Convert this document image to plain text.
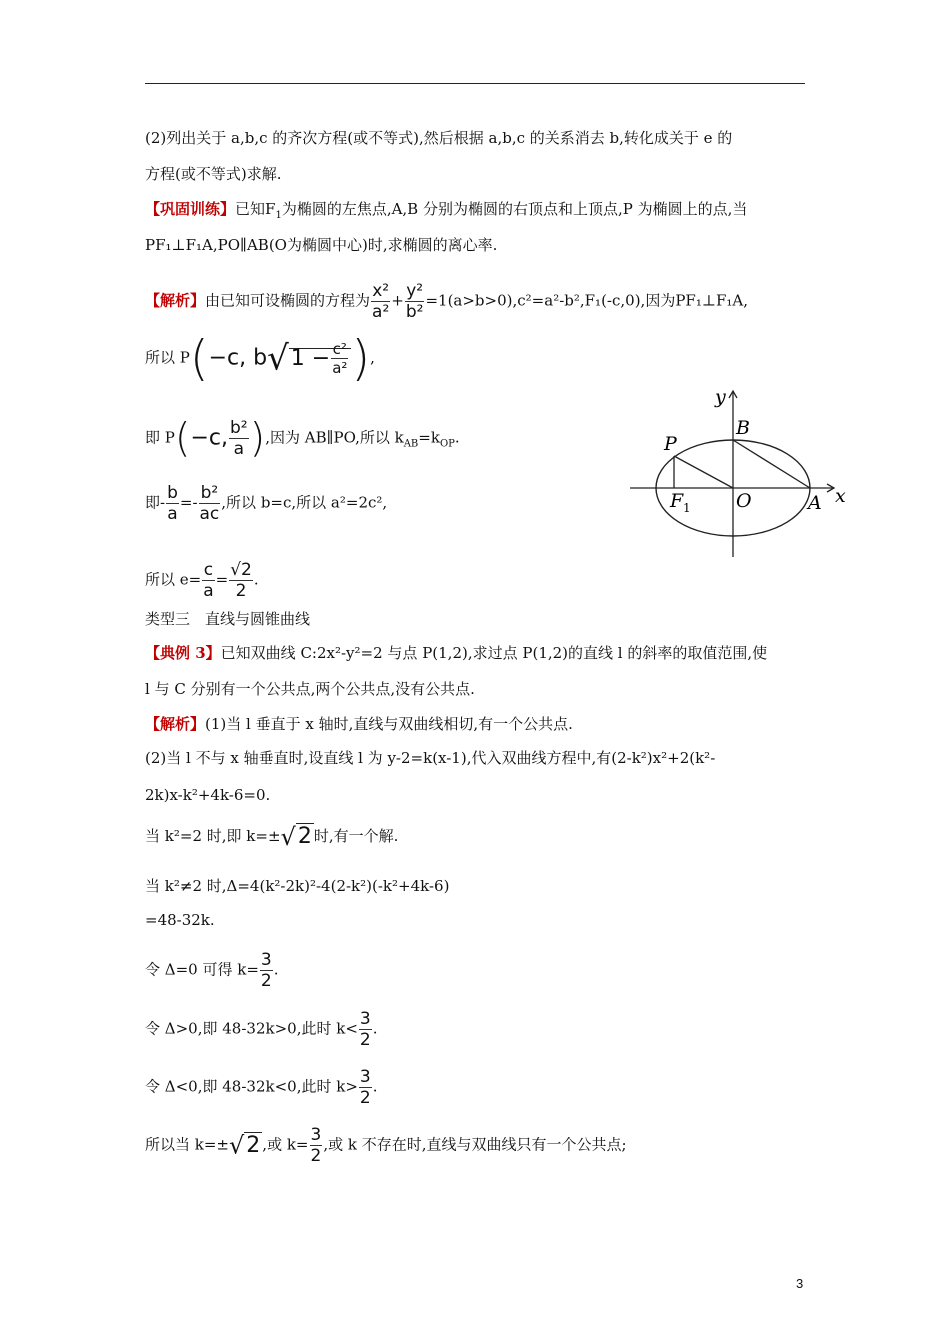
(2)列出关于 a,b,c 的齐次方程(或不等式),然后根据 a,b,c 的关系消去 b,转化成关于 e 的
方程(或不等式)求解.
【巩固训练】已知$F_1$为椭圆的左焦点,A,B 分别为椭圆的右顶点和上顶点,P 为椭圆上的点,当
PF₁⊥F₁A,PO∥AB(O为椭圆中心)时,求椭圆的离心率.
【解析】由已知可设椭圆的方程为 $\frac{\text{x²}}{\text{a²}} + \frac{\text{y²}}{\text{b²}} =1(a>b>0),c^2=a^2-b^2,F_1(-c,0)$,因为PF₁⊥F₁A,
所以 P(−c, $b√1 - \frac{\text{c²}}{\text{a²}}$ ),
即 P(−c, $\frac{\text{b²}}{a}$ ),因为 AB∥PO,所以 $k_{AB}=k_{OP}$.
即- $\frac{b}{a} =- \frac{\text{b²}}{ac}$ ,所以 b=c,所以 a²=2c²,
所以 $e= \frac{c}{a} = \frac{√2}{2}$ .
类型三　直线与圆锥曲线
【典例 3】已知双曲线 C:2x²-y²=2 与点 P(1,2),求过点 P(1,2)的直线 l 的斜率的取值范围,使
l 与 C 分别有一个公共点,两个公共点,没有公共点.
【解析】(1)当 l 垂直于 x 轴时,直线与双曲线相切,有一个公共点.
(2)当 l 不与 x 轴垂直时,设直线 l 为 y-2=k(x-1),代入双曲线方程中,有(2-k²)x²+2(k²-
2k)x-k²+4k-6=0.
当 k²=2 时,即 k=±√2 时,有一个解.
当 k²≠2 时,Δ=4(k²-2k)²-4(2-k²)(-k²+4k-6)
=48-32k.
令 Δ=0 可得 $k= \frac{3}{2}$ .
令 Δ>0,即 48-32k>0,此时 $k< \frac{3}{2}$ .
令 Δ<0,即 48-32k<0,此时 $k> \frac{3}{2}$ .
所以当 k=±√2 ,或 $k= \frac{3}{2}$ ,或 k 不存在时,直线与双曲线只有一个公共点;
y
x
B
P
F 1 O	A
3
